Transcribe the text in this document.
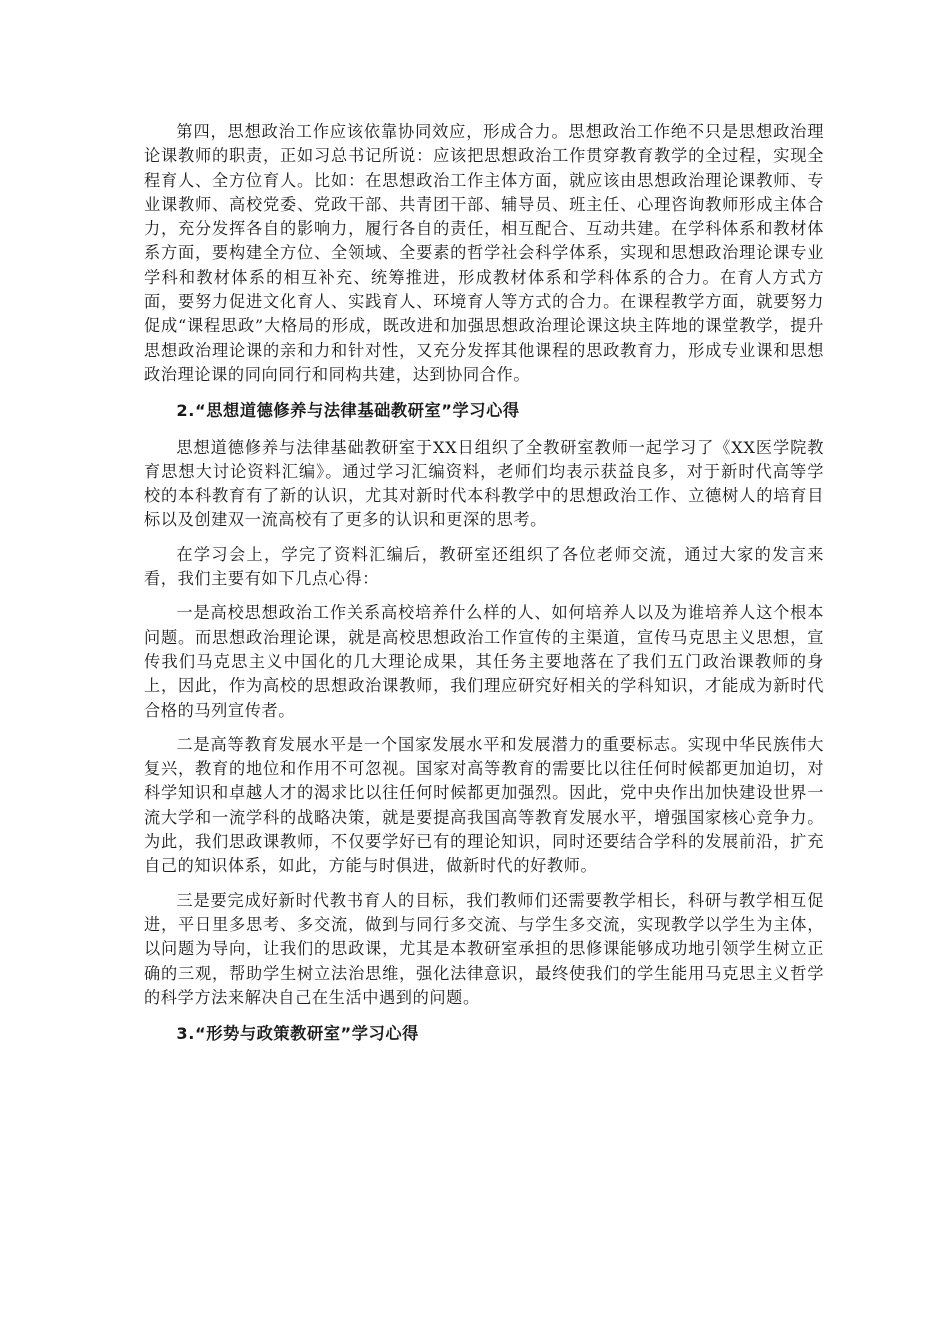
第四，思想政治工作应该依靠协同效应，形成合力。思想政治工作绝不只是思想政治理论课教师的职责，正如习总书记所说：应该把思想政治工作贯穿教育教学的全过程，实现全程育人、全方位育人。比如：在思想政治工作主体方面，就应该由思想政治理论课教师、专业课教师、高校党委、党政干部、共青团干部、辅导员、班主任、心理咨询教师形成主体合力，充分发挥各自的影响力，履行各自的责任，相互配合、互动共建。在学科体系和教材体系方面，要构建全方位、全领域、全要素的哲学社会科学体系，实现和思想政治理论课专业学科和教材体系的相互补充、统筹推进，形成教材体系和学科体系的合力。在育人方式方面，要努力促进文化育人、实践育人、环境育人等方式的合力。在课程教学方面，就要努力促成“课程思政”大格局的形成，既改进和加强思想政治理论课这块主阵地的课堂教学，提升思想政治理论课的亲和力和针对性，又充分发挥其他课程的思政教育力，形成专业课和思想政治理论课的同向同行和同构共建，达到协同合作。

2.“思想道德修养与法律基础教研室”学习心得

思想道德修养与法律基础教研室于XX日组织了全教研室教师一起学习了《XX医学院教育思想大讨论资料汇编》。通过学习汇编资料，老师们均表示获益良多，对于新时代高等学校的本科教育有了新的认识，尤其对新时代本科教学中的思想政治工作、立德树人的培育目标以及创建双一流高校有了更多的认识和更深的思考。

在学习会上，学完了资料汇编后，教研室还组织了各位老师交流，通过大家的发言来看，我们主要有如下几点心得：

一是高校思想政治工作关系高校培养什么样的人、如何培养人以及为谁培养人这个根本问题。而思想政治理论课，就是高校思想政治工作宣传的主渠道，宣传马克思主义思想，宣传我们马克思主义中国化的几大理论成果，其任务主要地落在了我们五门政治课教师的身上，因此，作为高校的思想政治课教师，我们理应研究好相关的学科知识，才能成为新时代合格的马列宣传者。

二是高等教育发展水平是一个国家发展水平和发展潜力的重要标志。实现中华民族伟大复兴，教育的地位和作用不可忽视。国家对高等教育的需要比以往任何时候都更加迫切，对科学知识和卓越人才的渴求比以往任何时候都更加强烈。因此，党中央作出加快建设世界一流大学和一流学科的战略决策，就是要提高我国高等教育发展水平，增强国家核心竞争力。为此，我们思政课教师，不仅要学好已有的理论知识，同时还要结合学科的发展前沿，扩充自己的知识体系，如此，方能与时俱进，做新时代的好教师。

三是要完成好新时代教书育人的目标，我们教师们还需要教学相长，科研与教学相互促进，平日里多思考、多交流，做到与同行多交流、与学生多交流，实现教学以学生为主体，以问题为导向，让我们的思政课，尤其是本教研室承担的思修课能够成功地引领学生树立正确的三观，帮助学生树立法治思维，强化法律意识，最终使我们的学生能用马克思主义哲学的科学方法来解决自己在生活中遇到的问题。

3.“形势与政策教研室”学习心得
